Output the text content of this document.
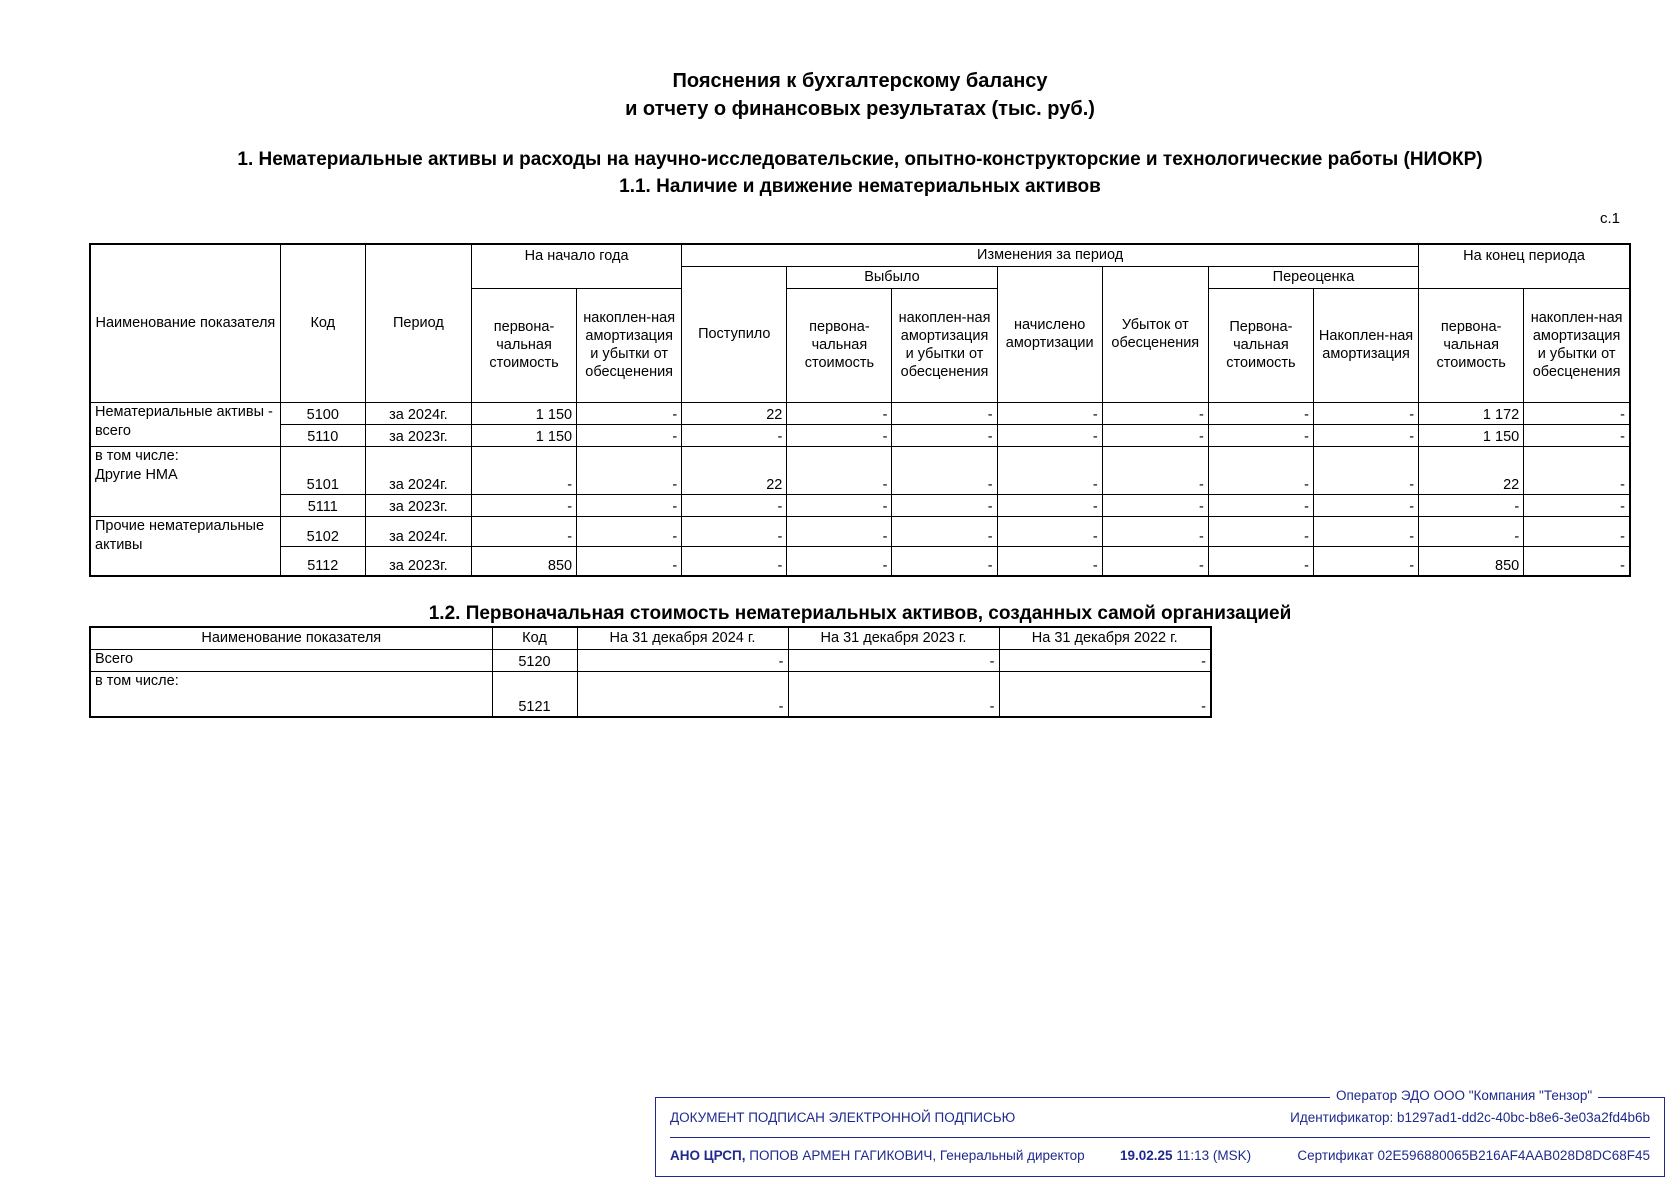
Пояснения к бухгалтерскому балансу
и отчету о финансовых результатах (тыс. руб.)
1. Нематериальные активы и расходы на научно-исследовательские, опытно-конструкторские и технологические работы (НИОКР)
1.1. Наличие и движение нематериальных активов
с.1
Наименование показателя	Код	Период	На начало года		Изменения за период							На конец периода	
					Поступило	Выбыло		начислено амортизации	Убыток от обесценения	Переоценка			
			первона-чальная стоимость	накоплен-ная амортизация и убытки от обесценения		первона-чальная стоимость	накоплен-ная амортизация и убытки от обесценения			Первона-чальная стоимость	Накоплен-ная амортизация	первона-чальная стоимость	накоплен-ная амортизация и убытки от обесценения
Нематериальные активы - всего	5100	за 2024г.	1 150	-	22	-	-	-	-	-	-	1 172	-
	5110	за 2023г.	1 150	-	-	-	-	-	-	-	-	1 150	-
в том числе:
Другие НМА	5101	за 2024г.	-	-	22	-	-	-	-	-	-	22	-
	5111	за 2023г.	-	-	-	-	-	-	-	-	-	-	-
Прочие нематериальные активы	5102	за 2024г.	-	-	-	-	-	-	-	-	-	-	-
	5112	за 2023г.	850	-	-	-	-	-	-	-	-	850	-
1.2. Первоначальная стоимость нематериальных активов, созданных самой организацией
Наименование показателя	Код	На 31 декабря 2024 г.	На 31 декабря 2023 г.	На 31 декабря 2022 г.
Всего	5120	-	-	-
в том числе:	5121	-	-	-
ДОКУМЕНТ ПОДПИСАН ЭЛЕКТРОННОЙ ПОДПИСЬЮ	Идентификатор: b1297ad1-dd2c-40bc-b8e6-3e03a2fd4b6b
АНО ЦРСП, ПОПОВ АРМЕН ГАГИКОВИЧ, Генеральный директор	19.02.25 11:13 (MSK)	Сертификат 02E596880065B216AF4AAB028D8DC68F45
Оператор ЭДО ООО "Компания "Тензор"
